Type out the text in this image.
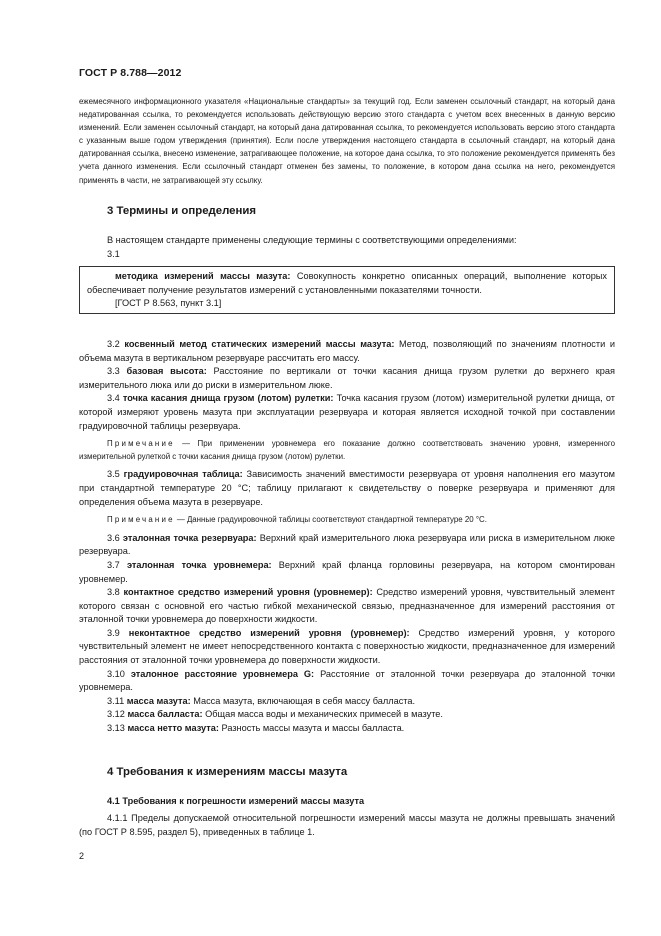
ГОСТ Р 8.788—2012

ежемесячного информационного указателя «Национальные стандарты» за текущий год. Если заменен ссылочный стандарт, на который дана недатированная ссылка, то рекомендуется использовать действующую версию этого стандарта с учетом всех внесенных в данную версию изменений. Если заменен ссылочный стандарт, на который дана датированная ссылка, то рекомендуется использовать версию этого стандарта с указанным выше годом утверждения (принятия). Если после утверждения настоящего стандарта в ссылочный стандарт, на который дана датированная ссылка, внесено изменение, затрагивающее положение, на которое дана ссылка, то это положение рекомендуется применять без учета данного изменения. Если ссылочный стандарт отменен без замены, то положение, в котором дана ссылка на него, рекомендуется применять в части, не затрагивающей эту ссылку.

3 Термины и определения

В настоящем стандарте применены следующие термины с соответствующими определениями:

3.1

методика измерений массы мазута: Совокупность конкретно описанных операций, выполнение которых обеспечивает получение результатов измерений с установленными показателями точности.

[ГОСТ Р 8.563, пункт 3.1]

3.2 косвенный метод статических измерений массы мазута: Метод, позволяющий по значениям плотности и объема мазута в вертикальном резервуаре рассчитать его массу.

3.3 базовая высота: Расстояние по вертикали от точки касания днища грузом рулетки до верхнего края измерительного люка или до риски в измерительном люке.

3.4 точка касания днища грузом (лотом) рулетки: Точка касания грузом (лотом) измерительной рулетки днища, от которой измеряют уровень мазута при эксплуатации резервуара и которая является исходной точкой при составлении градуировочной таблицы резервуара.

Примечание — При применении уровнемера его показание должно соответствовать значению уровня, измеренного измерительной рулеткой с точки касания днища грузом (лотом) рулетки.

3.5 градуировочная таблица: Зависимость значений вместимости резервуара от уровня наполнения его мазутом при стандартной температуре 20 °С; таблицу прилагают к свидетельству о поверке резервуара и применяют для определения объема мазута в резервуаре.

Примечание — Данные градуировочной таблицы соответствуют стандартной температуре 20 °С.

3.6 эталонная точка резервуара: Верхний край измерительного люка резервуара или риска в измерительном люке резервуара.

3.7 эталонная точка уровнемера: Верхний край фланца горловины резервуара, на котором смонтирован уровнемер.

3.8 контактное средство измерений уровня (уровнемер): Средство измерений уровня, чувствительный элемент которого связан с основной его частью гибкой механической связью, предназначенное для измерений расстояния от эталонной точки уровнемера до поверхности жидкости.

3.9 неконтактное средство измерений уровня (уровнемер): Средство измерений уровня, у которого чувствительный элемент не имеет непосредственного контакта с поверхностью жидкости, предназначенное для измерений расстояния от эталонной точки уровнемера до поверхности жидкости.

3.10 эталонное расстояние уровнемера G: Расстояние от эталонной точки резервуара до эталонной точки уровнемера.

3.11 масса мазута: Масса мазута, включающая в себя массу балласта.

3.12 масса балласта: Общая масса воды и механических примесей в мазуте.

3.13 масса нетто мазута: Разность массы мазута и массы балласта.

4 Требования к измерениям массы мазута

4.1 Требования к погрешности измерений массы мазута

4.1.1 Пределы допускаемой относительной погрешности измерений массы мазута не должны превышать значений (по ГОСТ Р 8.595, раздел 5), приведенных в таблице 1.

2
